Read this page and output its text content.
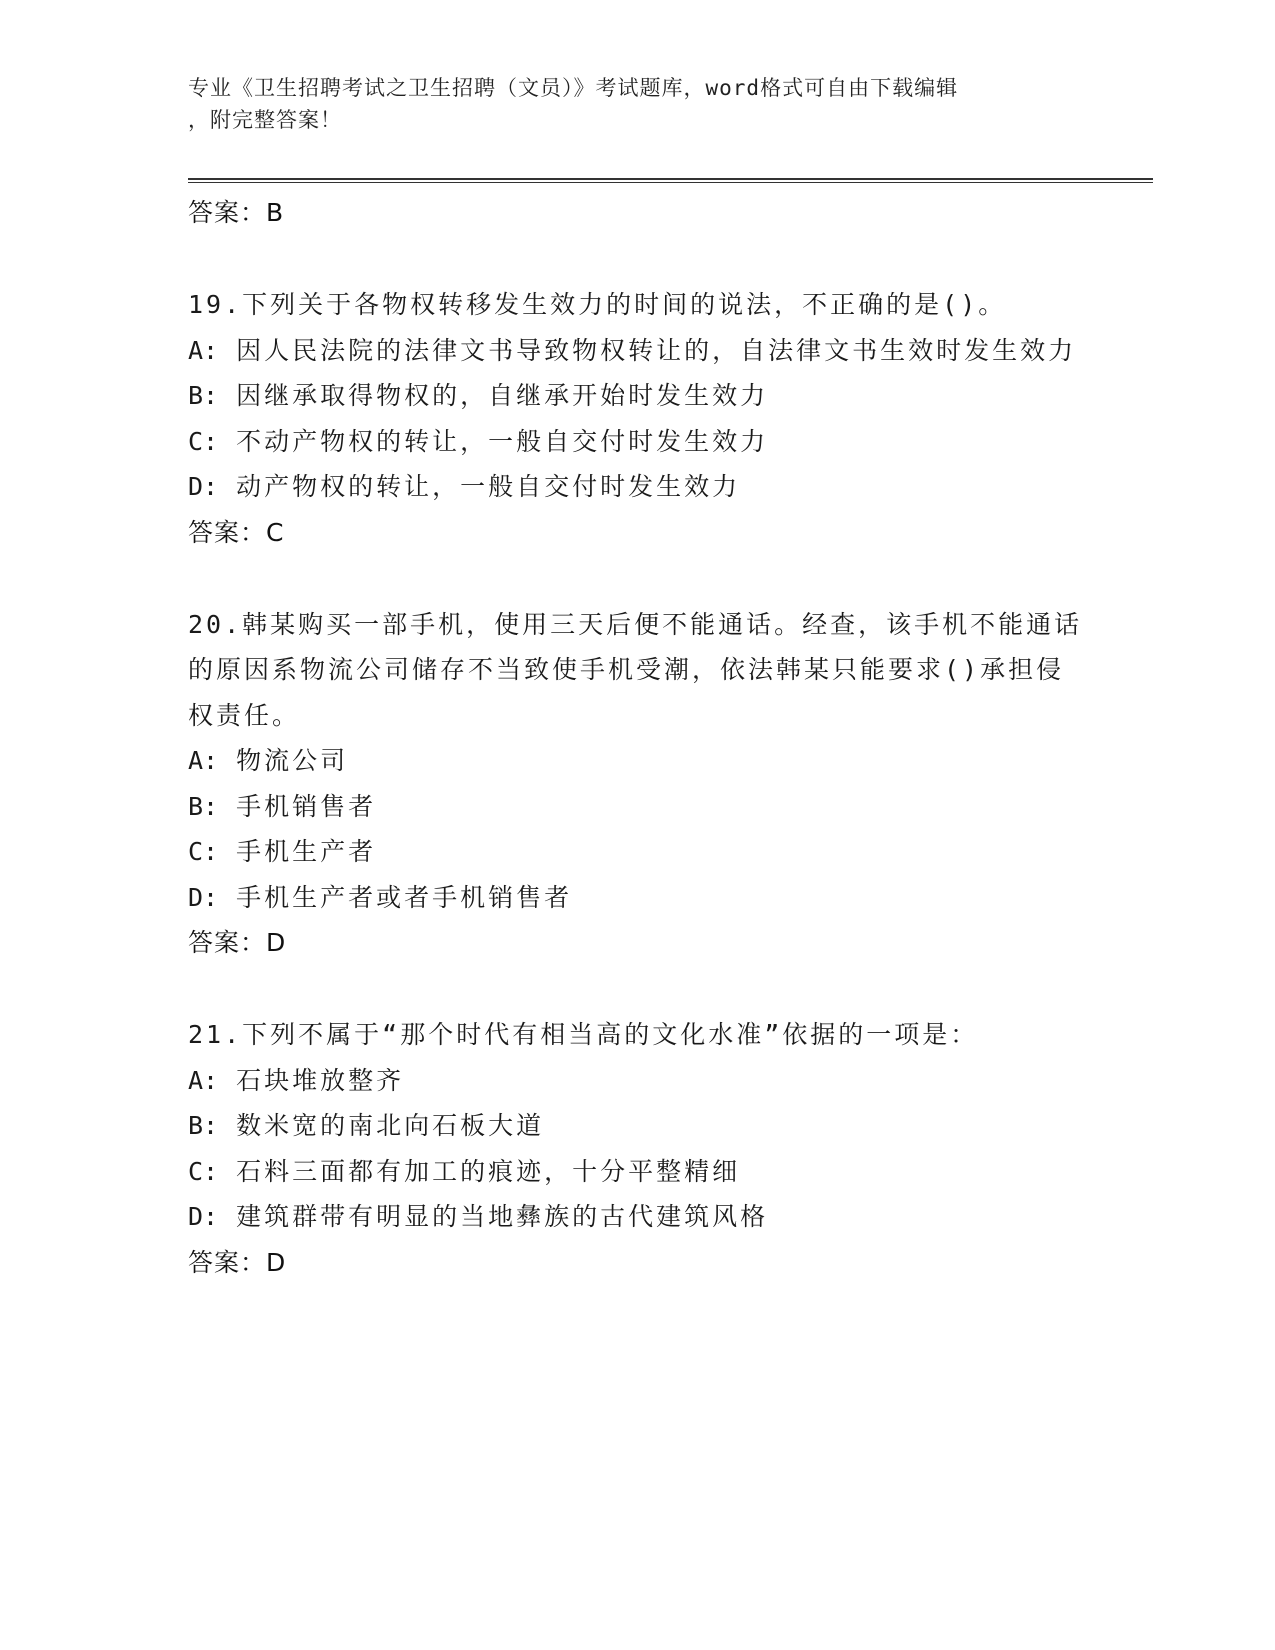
专业《卫生招聘考试之卫生招聘（文员）》考试题库，word格式可自由下载编辑
，附完整答案！
答案：B
19.下列关于各物权转移发生效力的时间的说法，不正确的是()。
A: 因人民法院的法律文书导致物权转让的，自法律文书生效时发生效力
B: 因继承取得物权的，自继承开始时发生效力
C: 不动产物权的转让，一般自交付时发生效力
D: 动产物权的转让，一般自交付时发生效力
答案：C
20.韩某购买一部手机，使用三天后便不能通话。经查，该手机不能通话的原因系物流公司储存不当致使手机受潮，依法韩某只能要求()承担侵权责任。
A: 物流公司
B: 手机销售者
C: 手机生产者
D: 手机生产者或者手机销售者
答案：D
21.下列不属于“那个时代有相当高的文化水准”依据的一项是：
A: 石块堆放整齐
B: 数米宽的南北向石板大道
C: 石料三面都有加工的痕迹，十分平整精细
D: 建筑群带有明显的当地彝族的古代建筑风格
答案：D
